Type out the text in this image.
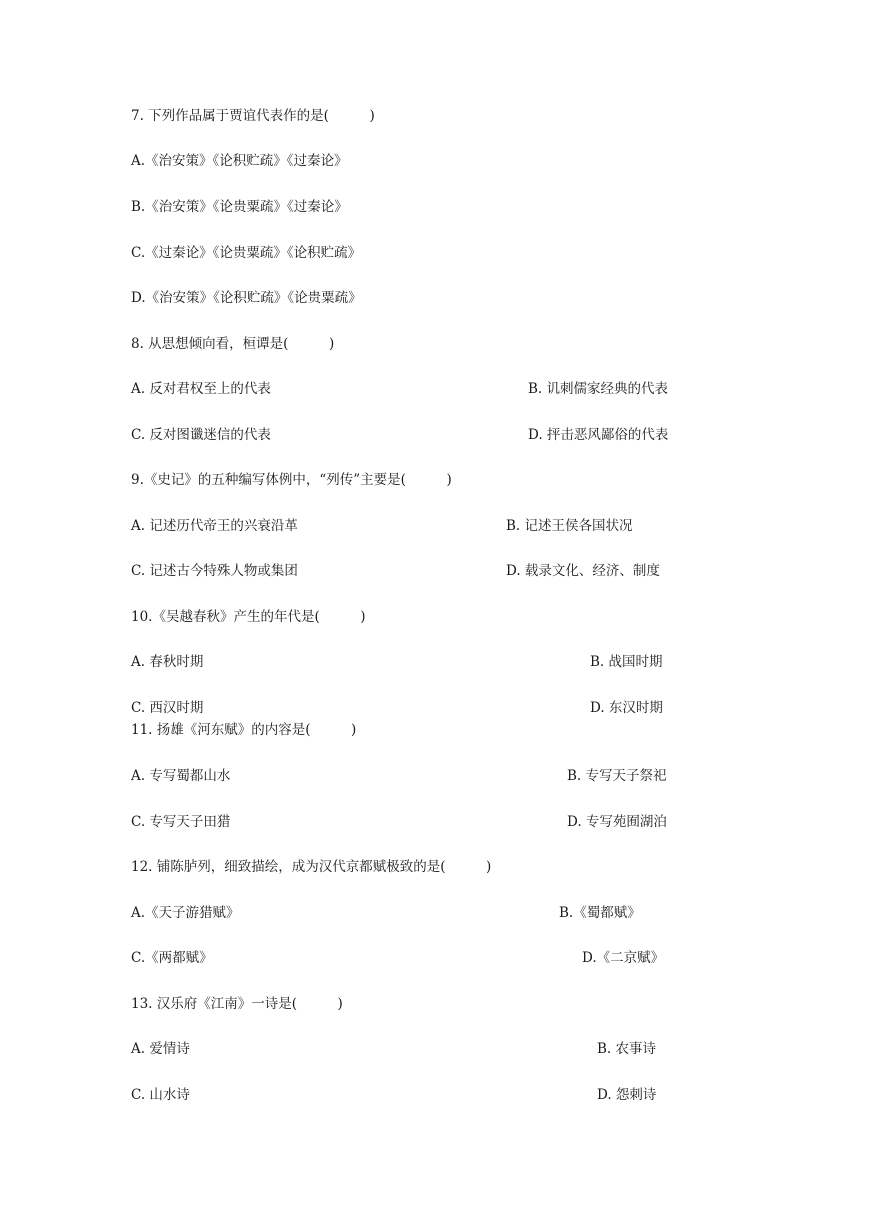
7. 下列作品属于贾谊代表作的是(　　　)
A.《治安策》《论积贮疏》《过秦论》
B.《治安策》《论贵粟疏》《过秦论》
C.《过秦论》《论贵粟疏》《论积贮疏》
D.《治安策》《论积贮疏》《论贵粟疏》
8. 从思想倾向看，桓谭是(　　　)
A. 反对君权至上的代表	B. 讥刺儒家经典的代表
C. 反对图谶迷信的代表	D. 抨击恶风鄙俗的代表
9.《史记》的五种编写体例中，“列传”主要是(　　　)
A. 记述历代帝王的兴衰沿革	B. 记述王侯各国状况
C. 记述古今特殊人物或集团	D. 载录文化、经济、制度
10.《吴越春秋》产生的年代是(　　　)
A. 春秋时期	B. 战国时期
C. 西汉时期	D. 东汉时期
11. 扬雄《河东赋》的内容是(　　　)
A. 专写蜀都山水	B. 专写天子祭祀
C. 专写天子田猎	D. 专写苑囿湖泊
12. 铺陈胪列，细致描绘，成为汉代京都赋极致的是(　　　)
A.《天子游猎赋》	B.《蜀都赋》
C.《两都赋》	D.《二京赋》
13. 汉乐府《江南》一诗是(　　　)
A. 爱情诗	B. 农事诗
C. 山水诗	D. 怨刺诗
